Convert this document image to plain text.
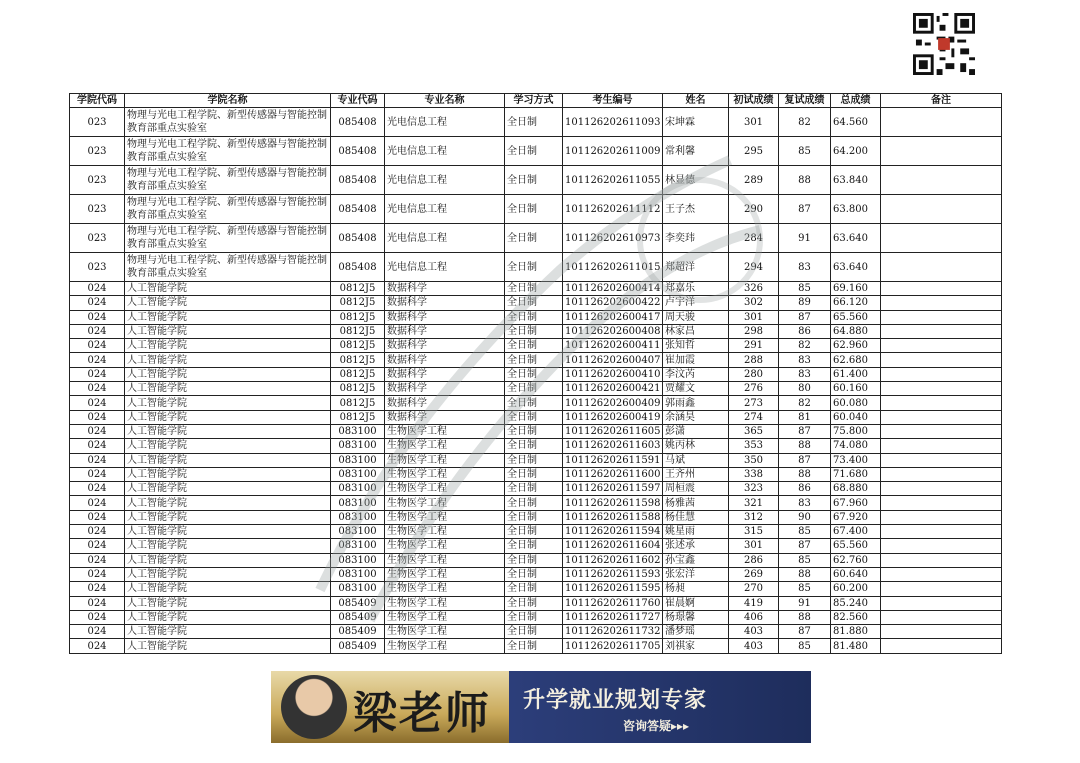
学院代码	学院名称	专业代码	专业名称	学习方式	考生编号	姓名	初试成绩	复试成绩	总成绩	备注
023	物理与光电工程学院、新型传感器与智能控制教育部重点实验室	085408	光电信息工程	全日制	101126202611093	宋坤霖	301	82	64.560	
023	物理与光电工程学院、新型传感器与智能控制教育部重点实验室	085408	光电信息工程	全日制	101126202611009	常利馨	295	85	64.200	
023	物理与光电工程学院、新型传感器与智能控制教育部重点实验室	085408	光电信息工程	全日制	101126202611055	林显德	289	88	63.840	
023	物理与光电工程学院、新型传感器与智能控制教育部重点实验室	085408	光电信息工程	全日制	101126202611112	王子杰	290	87	63.800	
023	物理与光电工程学院、新型传感器与智能控制教育部重点实验室	085408	光电信息工程	全日制	101126202610973	李奕玮	284	91	63.640	
023	物理与光电工程学院、新型传感器与智能控制教育部重点实验室	085408	光电信息工程	全日制	101126202611015	郑超洋	294	83	63.640	
024	人工智能学院	0812J5	数据科学	全日制	101126202600414	郑嘉乐	326	85	69.160	
024	人工智能学院	0812J5	数据科学	全日制	101126202600422	卢宇洋	302	89	66.120	
024	人工智能学院	0812J5	数据科学	全日制	101126202600417	周天骏	301	87	65.560	
024	人工智能学院	0812J5	数据科学	全日制	101126202600408	林家昌	298	86	64.880	
024	人工智能学院	0812J5	数据科学	全日制	101126202600411	张知哲	291	82	62.960	
024	人工智能学院	0812J5	数据科学	全日制	101126202600407	崔加霞	288	83	62.680	
024	人工智能学院	0812J5	数据科学	全日制	101126202600410	李汶芮	280	83	61.400	
024	人工智能学院	0812J5	数据科学	全日制	101126202600421	贾耀文	276	80	60.160	
024	人工智能学院	0812J5	数据科学	全日制	101126202600409	郭雨鑫	273	82	60.080	
024	人工智能学院	0812J5	数据科学	全日制	101126202600419	余涵昊	274	81	60.040	
024	人工智能学院	083100	生物医学工程	全日制	101126202611605	彭潇	365	87	75.800	
024	人工智能学院	083100	生物医学工程	全日制	101126202611603	姚丙林	353	88	74.080	
024	人工智能学院	083100	生物医学工程	全日制	101126202611591	马斌	350	87	73.400	
024	人工智能学院	083100	生物医学工程	全日制	101126202611600	王齐州	338	88	71.680	
024	人工智能学院	083100	生物医学工程	全日制	101126202611597	周桓震	323	86	68.880	
024	人工智能学院	083100	生物医学工程	全日制	101126202611598	杨雅茜	321	83	67.960	
024	人工智能学院	083100	生物医学工程	全日制	101126202611588	杨佳慧	312	90	67.920	
024	人工智能学院	083100	生物医学工程	全日制	101126202611594	姚星雨	315	85	67.400	
024	人工智能学院	083100	生物医学工程	全日制	101126202611604	张述承	301	87	65.560	
024	人工智能学院	083100	生物医学工程	全日制	101126202611602	孙宝鑫	286	85	62.760	
024	人工智能学院	083100	生物医学工程	全日制	101126202611593	张宏洋	269	88	60.640	
024	人工智能学院	083100	生物医学工程	全日制	101126202611595	杨昶	270	85	60.200	
024	人工智能学院	085409	生物医学工程	全日制	101126202611760	崔晨婀	419	91	85.240	
024	人工智能学院	085409	生物医学工程	全日制	101126202611727	杨璟馨	406	88	82.560	
024	人工智能学院	085409	生物医学工程	全日制	101126202611732	潘梦瑶	403	87	81.880	
024	人工智能学院	085409	生物医学工程	全日制	101126202611705	刘祺家	403	85	81.480	
梁老师 升学就业规划专家
咨询答疑▸▸▸
